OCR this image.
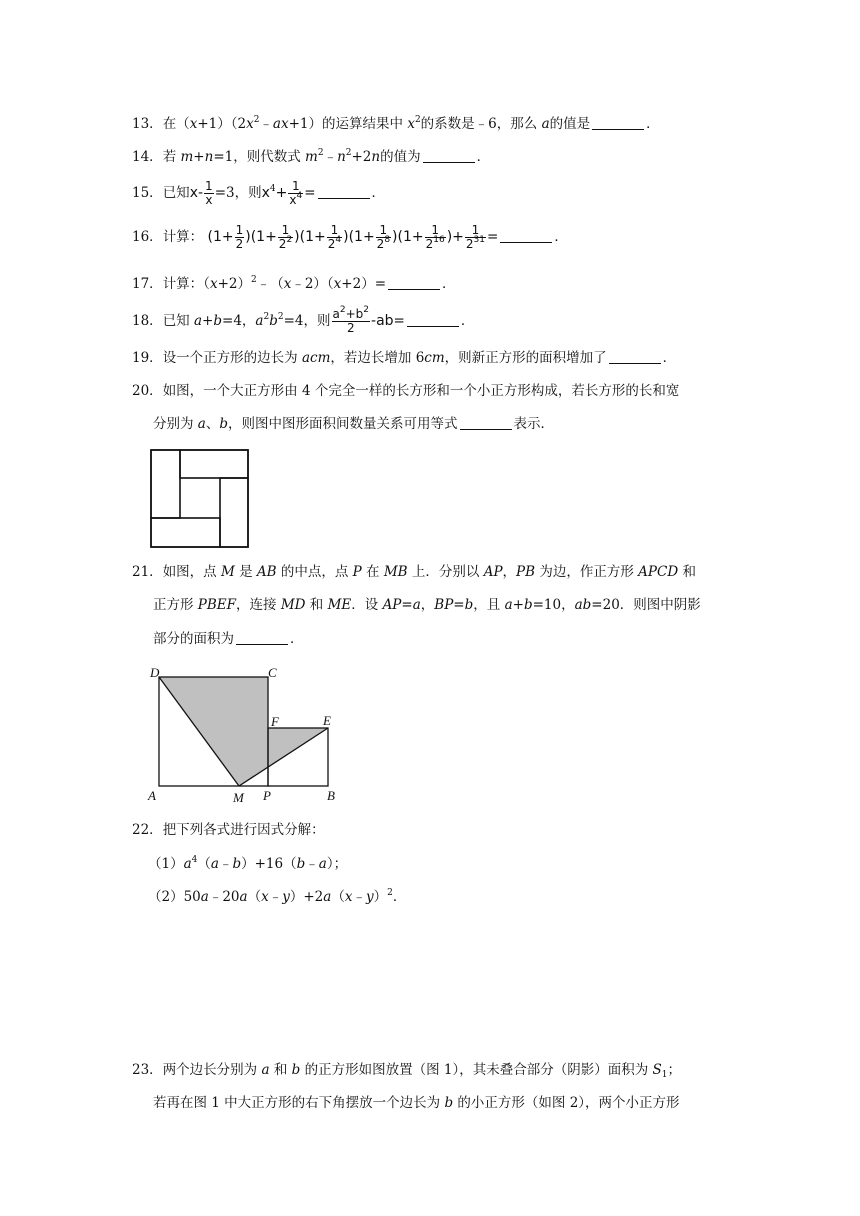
13．在$(x+1)(2x^2﹣ax+1)$的运算结果中 $x^2$的系数是﹣6，那么 a的值是	．
14．若 m+n=1，则代数式 $m^2﹣n^2+2n$的值为	．
15．已知$x- \frac{1}{x} =3$，则$x^4+ \frac{1}{x^4}$ =	．
16．计算： $(1+ \frac{1}{2} )(1+ \frac{1}{2^2} )(1+ \frac{1}{2^4} )(1+ \frac{1}{2^8} )(1+ \frac{1}{2^{16}}$ )+ $\frac{1}{2^{31}}$ =	．
17．计算：$(x+2)^2﹣(x﹣2)(x+2)=$	．
18．已知 a+b=4，$a^2b^2=4$，则 $\frac{a^2+b^2}{2} -ab=$	．
19．设一个正方形的边长为 acm，若边长增加 6cm，则新正方形的面积增加了	．
20．如图，一个大正方形由 4 个完全一样的长方形和一个小正方形构成，若长方形的长和宽
分别为 a、b，则图中图形面积间数量关系可用等式	表示．
21．如图，点 M 是 AB 的中点，点 P 在 MB 上．分别以 AP，PB 为边，作正方形 APCD 和
正方形 PBEF，连接 MD 和 ME．设 AP=a，BP=b，且 a+b=10，ab=20．则图中阴影
部分的面积为	．
D	C
F	E
A	M P	B
22．把下列各式进行因式分解：
$(1)a^4(a﹣b)+16(b﹣a)$；
（2）50a﹣20a（x﹣y）+2a（x﹣y）$^2$．
23．两个边长分别为 a 和 b 的正方形如图放置（图 1），其未叠合部分（阴影）面积为 $S_1$；
若再在图 1 中大正方形的右下角摆放一个边长为 b 的小正方形（如图 2），两个小正方形
